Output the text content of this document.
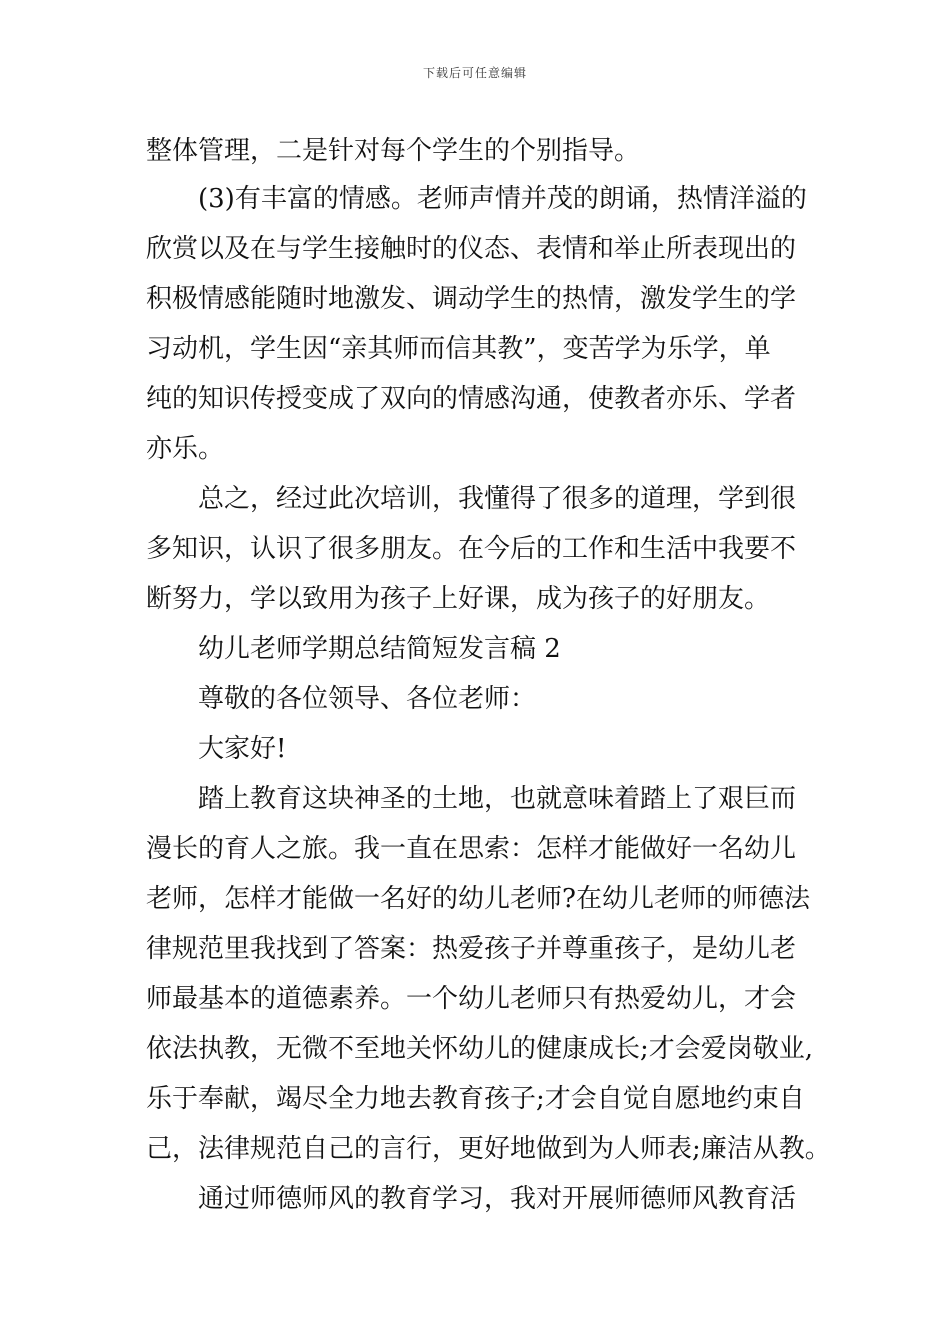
下载后可任意编辑
整体管理，二是针对每个学生的个别指导。
(3)有丰富的情感。老师声情并茂的朗诵，热情洋溢的
欣赏以及在与学生接触时的仪态、表情和举止所表现出的
积极情感能随时地激发、调动学生的热情，激发学生的学
习动机，学生因“亲其师而信其教”，变苦学为乐学，单
纯的知识传授变成了双向的情感沟通，使教者亦乐、学者
亦乐。
总之，经过此次培训，我懂得了很多的道理，学到很
多知识，认识了很多朋友。在今后的工作和生活中我要不
断努力，学以致用为孩子上好课，成为孩子的好朋友。
幼儿老师学期总结简短发言稿 2
尊敬的各位领导、各位老师：
大家好!
踏上教育这块神圣的土地，也就意味着踏上了艰巨而
漫长的育人之旅。我一直在思索：怎样才能做好一名幼儿
老师，怎样才能做一名好的幼儿老师?在幼儿老师的师德法
律规范里我找到了答案：热爱孩子并尊重孩子，是幼儿老
师最基本的道德素养。一个幼儿老师只有热爱幼儿，才会
依法执教，无微不至地关怀幼儿的健康成长;才会爱岗敬业,
乐于奉献，竭尽全力地去教育孩子;才会自觉自愿地约束自
己，法律规范自己的言行，更好地做到为人师表;廉洁从教。
通过师德师风的教育学习，我对开展师德师风教育活
